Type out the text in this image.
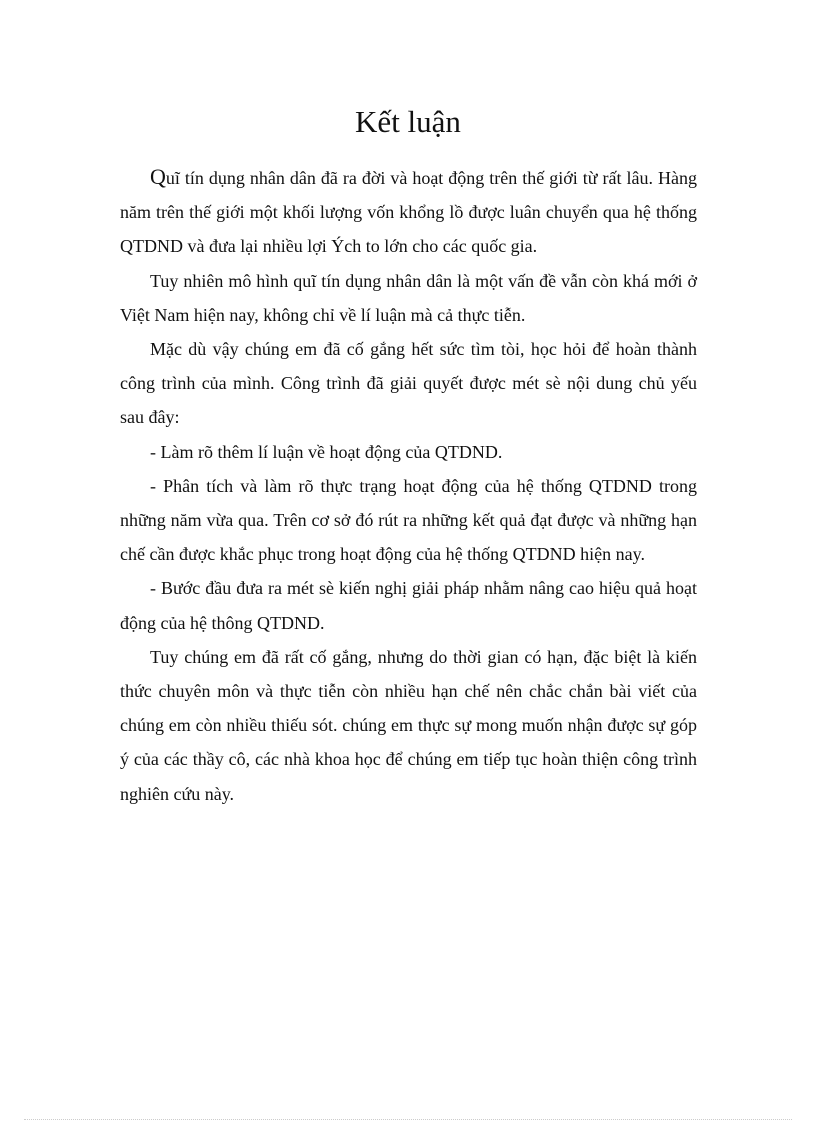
Kết luận

Quĩ tín dụng nhân dân đã ra đời và hoạt động trên thế giới từ rất lâu. Hàng năm trên thế giới một khối lượng vốn khổng lồ được luân chuyển qua hệ thống QTDND và đưa lại nhiều lợi Ých to lớn cho các quốc gia.

Tuy nhiên mô hình quĩ tín dụng nhân dân là một vấn đề vẫn còn khá mới ở Việt Nam hiện nay, không chỉ về lí luận mà cả thực tiễn.

Mặc dù vậy chúng em đã cố gắng hết sức tìm tòi, học hỏi để hoàn thành công trình của mình. Công trình đã giải quyết được mét sè nội dung chủ yếu sau đây:

- Làm rõ thêm lí luận về hoạt động của QTDND.

- Phân tích và làm rõ thực trạng hoạt động của hệ thống QTDND trong những năm vừa qua. Trên cơ sở đó rút ra những kết quả đạt được và những hạn chế cần được khắc phục trong hoạt động của hệ thống QTDND hiện nay.

- Bước đầu đưa ra mét sè kiến nghị giải pháp nhằm nâng cao hiệu quả hoạt động của hệ thông QTDND.

Tuy chúng em đã rất cố gắng, nhưng do thời gian có hạn, đặc biệt là kiến thức chuyên môn và thực tiễn còn nhiều hạn chế nên chắc chắn bài viết của chúng em còn nhiều thiếu sót. chúng em thực sự mong muốn nhận được sự góp ý của các thầy cô, các nhà khoa học để chúng em tiếp tục hoàn thiện công trình nghiên cứu này.
